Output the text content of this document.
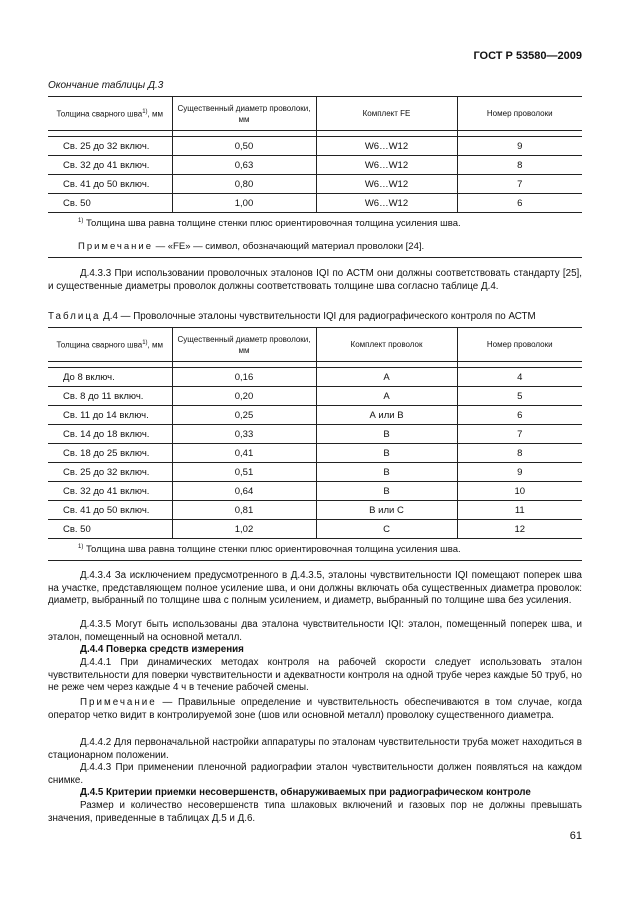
ГОСТ Р 53580—2009
Окончание таблицы Д.3
Толщина сварного шва$^{1)}$, мм	Существенный диаметр проволоки, мм	Комплект FE	Номер проволоки

Св. 25 до 32 включ.	0,50	W6…W12	9
Св. 32 до 41 включ.	0,63	W6…W12	8
Св. 41 до 50 включ.	0,80	W6…W12	7
Св. 50	1,00	W6…W12	6
$^{1)}$ Толщина шва равна толщине стенки плюс ориентировочная толщина усиления шва.			
Примечание — «FE» — символ, обозначающий материал проволоки [24].			
Д.4.3.3 При использовании проволочных эталонов IQI по АСТМ они должны соответствовать стандарту [25], и существенные диаметры проволок должны соответствовать толщине шва согласно таблице Д.4.
Таблица Д.4 — Проволочные эталоны чувствительности IQI для радиографического контроля по АСТМ
Толщина сварного шва$^{1)}$, мм	Существенный диаметр проволоки, мм	Комплект проволок	Номер проволоки

До 8 включ.	0,16	А	4
Св. 8 до 11 включ.	0,20	А	5
Св. 11 до 14 включ.	0,25	А или В	6
Св. 14 до 18 включ.	0,33	В	7
Св. 18 до 25 включ.	0,41	В	8
Св. 25 до 32 включ.	0,51	В	9
Св. 32 до 41 включ.	0,64	В	10
Св. 41 до 50 включ.	0,81	В или С	11
Св. 50	1,02	С	12
$^{1)}$ Толщина шва равна толщине стенки плюс ориентировочная толщина усиления шва.			
Д.4.3.4 За исключением предусмотренного в Д.4.3.5, эталоны чувствительности IQI помещают поперек шва на участке, представляющем полное усиление шва, и они должны включать оба существенных диаметра проволок: диаметр, выбранный по толщине шва с полным усилением, и диаметр, выбранный по толщине шва без усиления.
Д.4.3.5 Могут быть использованы два эталона чувствительности IQI: эталон, помещенный поперек шва, и эталон, помещенный на основной металл.
Д.4.4 Поверка средств измерения
Д.4.4.1 При динамических методах контроля на рабочей скорости следует использовать эталон чувствительности для поверки чувствительности и адекватности контроля на одной трубе через каждые 50 труб, но не реже чем через каждые 4 ч в течение рабочей смены.
Примечание — Правильные определение и чувствительность обеспечиваются в том случае, когда оператор четко видит в контролируемой зоне (шов или основной металл) проволоку существенного диаметра.
Д.4.4.2 Для первоначальной настройки аппаратуры по эталонам чувствительности труба может находиться в стационарном положении.
Д.4.4.3 При применении пленочной радиографии эталон чувствительности должен появляться на каждом снимке.
Д.4.5 Критерии приемки несовершенств, обнаруживаемых при радиографическом контроле
Размер и количество несовершенств типа шлаковых включений и газовых пор не должны превышать значения, приведенные в таблицах Д.5 и Д.6.
61
